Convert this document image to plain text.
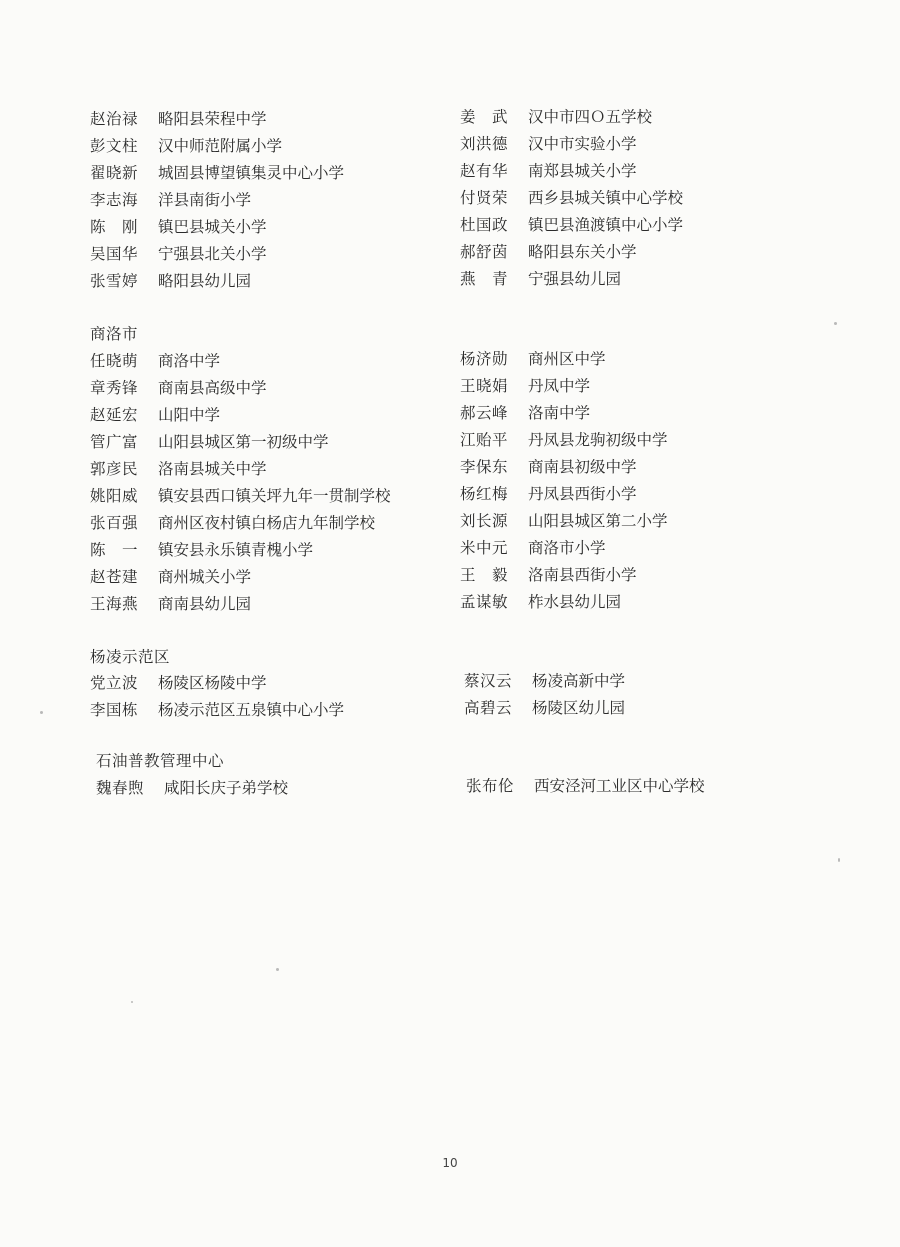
赵治禄 略阳县荣程中学
彭文柱 汉中师范附属小学
翟晓新 城固县博望镇集灵中心小学
李志海 洋县南街小学
陈　刚 镇巴县城关小学
吴国华 宁强县北关小学
张雪婷 略阳县幼儿园
姜　武 汉中市四Ｏ五学校
刘洪德 汉中市实验小学
赵有华 南郑县城关小学
付贤荣 西乡县城关镇中心学校
杜国政 镇巴县渔渡镇中心小学
郝舒茵 略阳县东关小学
燕　青 宁强县幼儿园
商洛市
任晓萌 商洛中学
章秀锋 商南县高级中学
赵延宏 山阳中学
管广富 山阳县城区第一初级中学
郭彦民 洛南县城关中学
姚阳威 镇安县西口镇关坪九年一贯制学校
张百强 商州区夜村镇白杨店九年制学校
陈　一 镇安县永乐镇青槐小学
赵苍建 商州城关小学
王海燕 商南县幼儿园
杨济勋 商州区中学
王晓娟 丹凤中学
郝云峰 洛南中学
江贻平 丹凤县龙驹初级中学
李保东 商南县初级中学
杨红梅 丹凤县西街小学
刘长源 山阳县城区第二小学
米中元 商洛市小学
王　毅 洛南县西街小学
孟谋敏 柞水县幼儿园
杨凌示范区
党立波 杨陵区杨陵中学
李国栋 杨凌示范区五泉镇中心小学
蔡汉云 杨凌高新中学
高碧云 杨陵区幼儿园
石油普教管理中心
魏春煦 咸阳长庆子弟学校	张布伦 西安泾河工业区中心学校
10
